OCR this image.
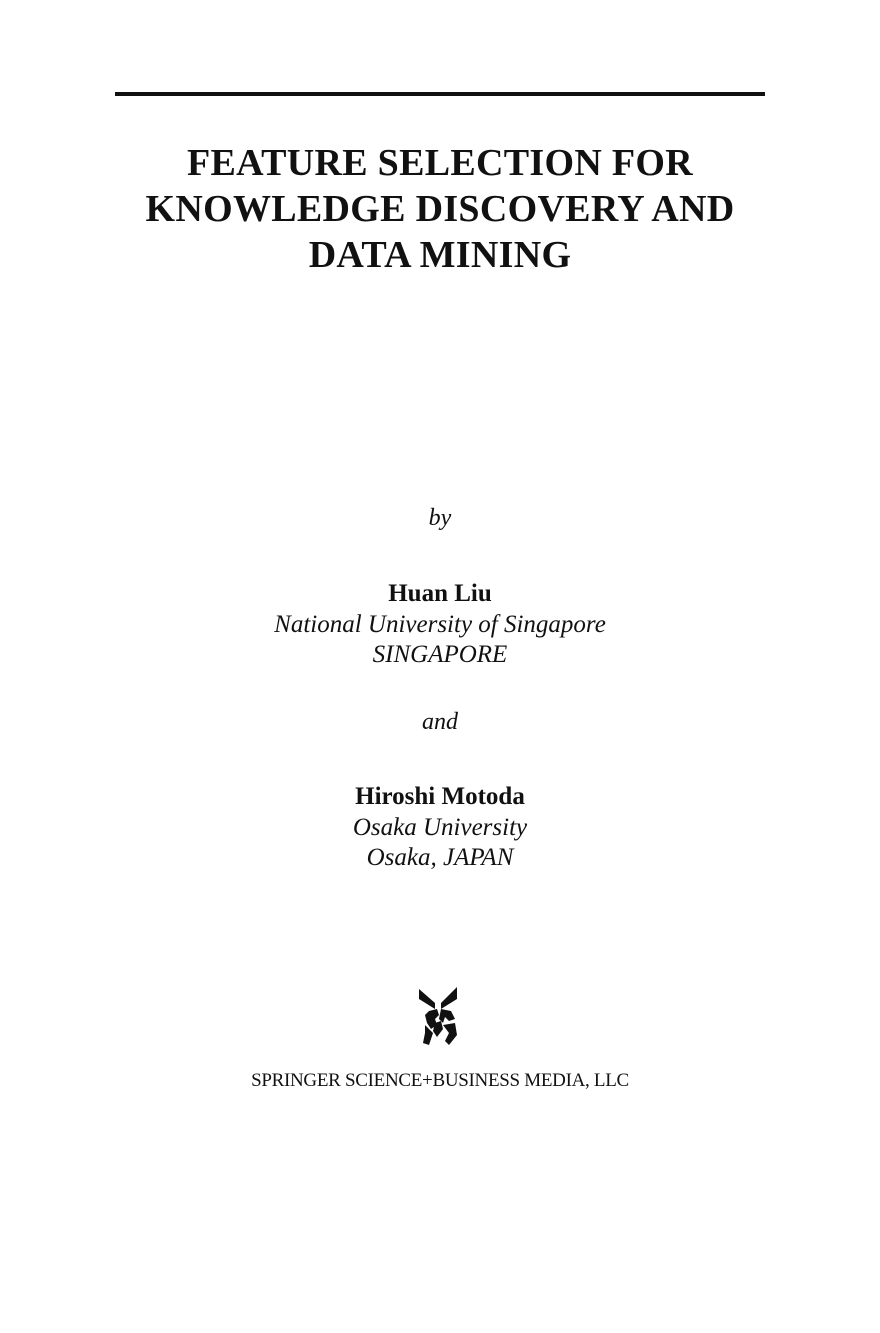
FEATURE SELECTION FOR
KNOWLEDGE DISCOVERY AND
DATA MINING
by
Huan Liu
National University of Singapore
SINGAPORE
and
Hiroshi Motoda
Osaka University
Osaka, JAPAN
SPRINGER SCIENCE+BUSINESS MEDIA, LLC
